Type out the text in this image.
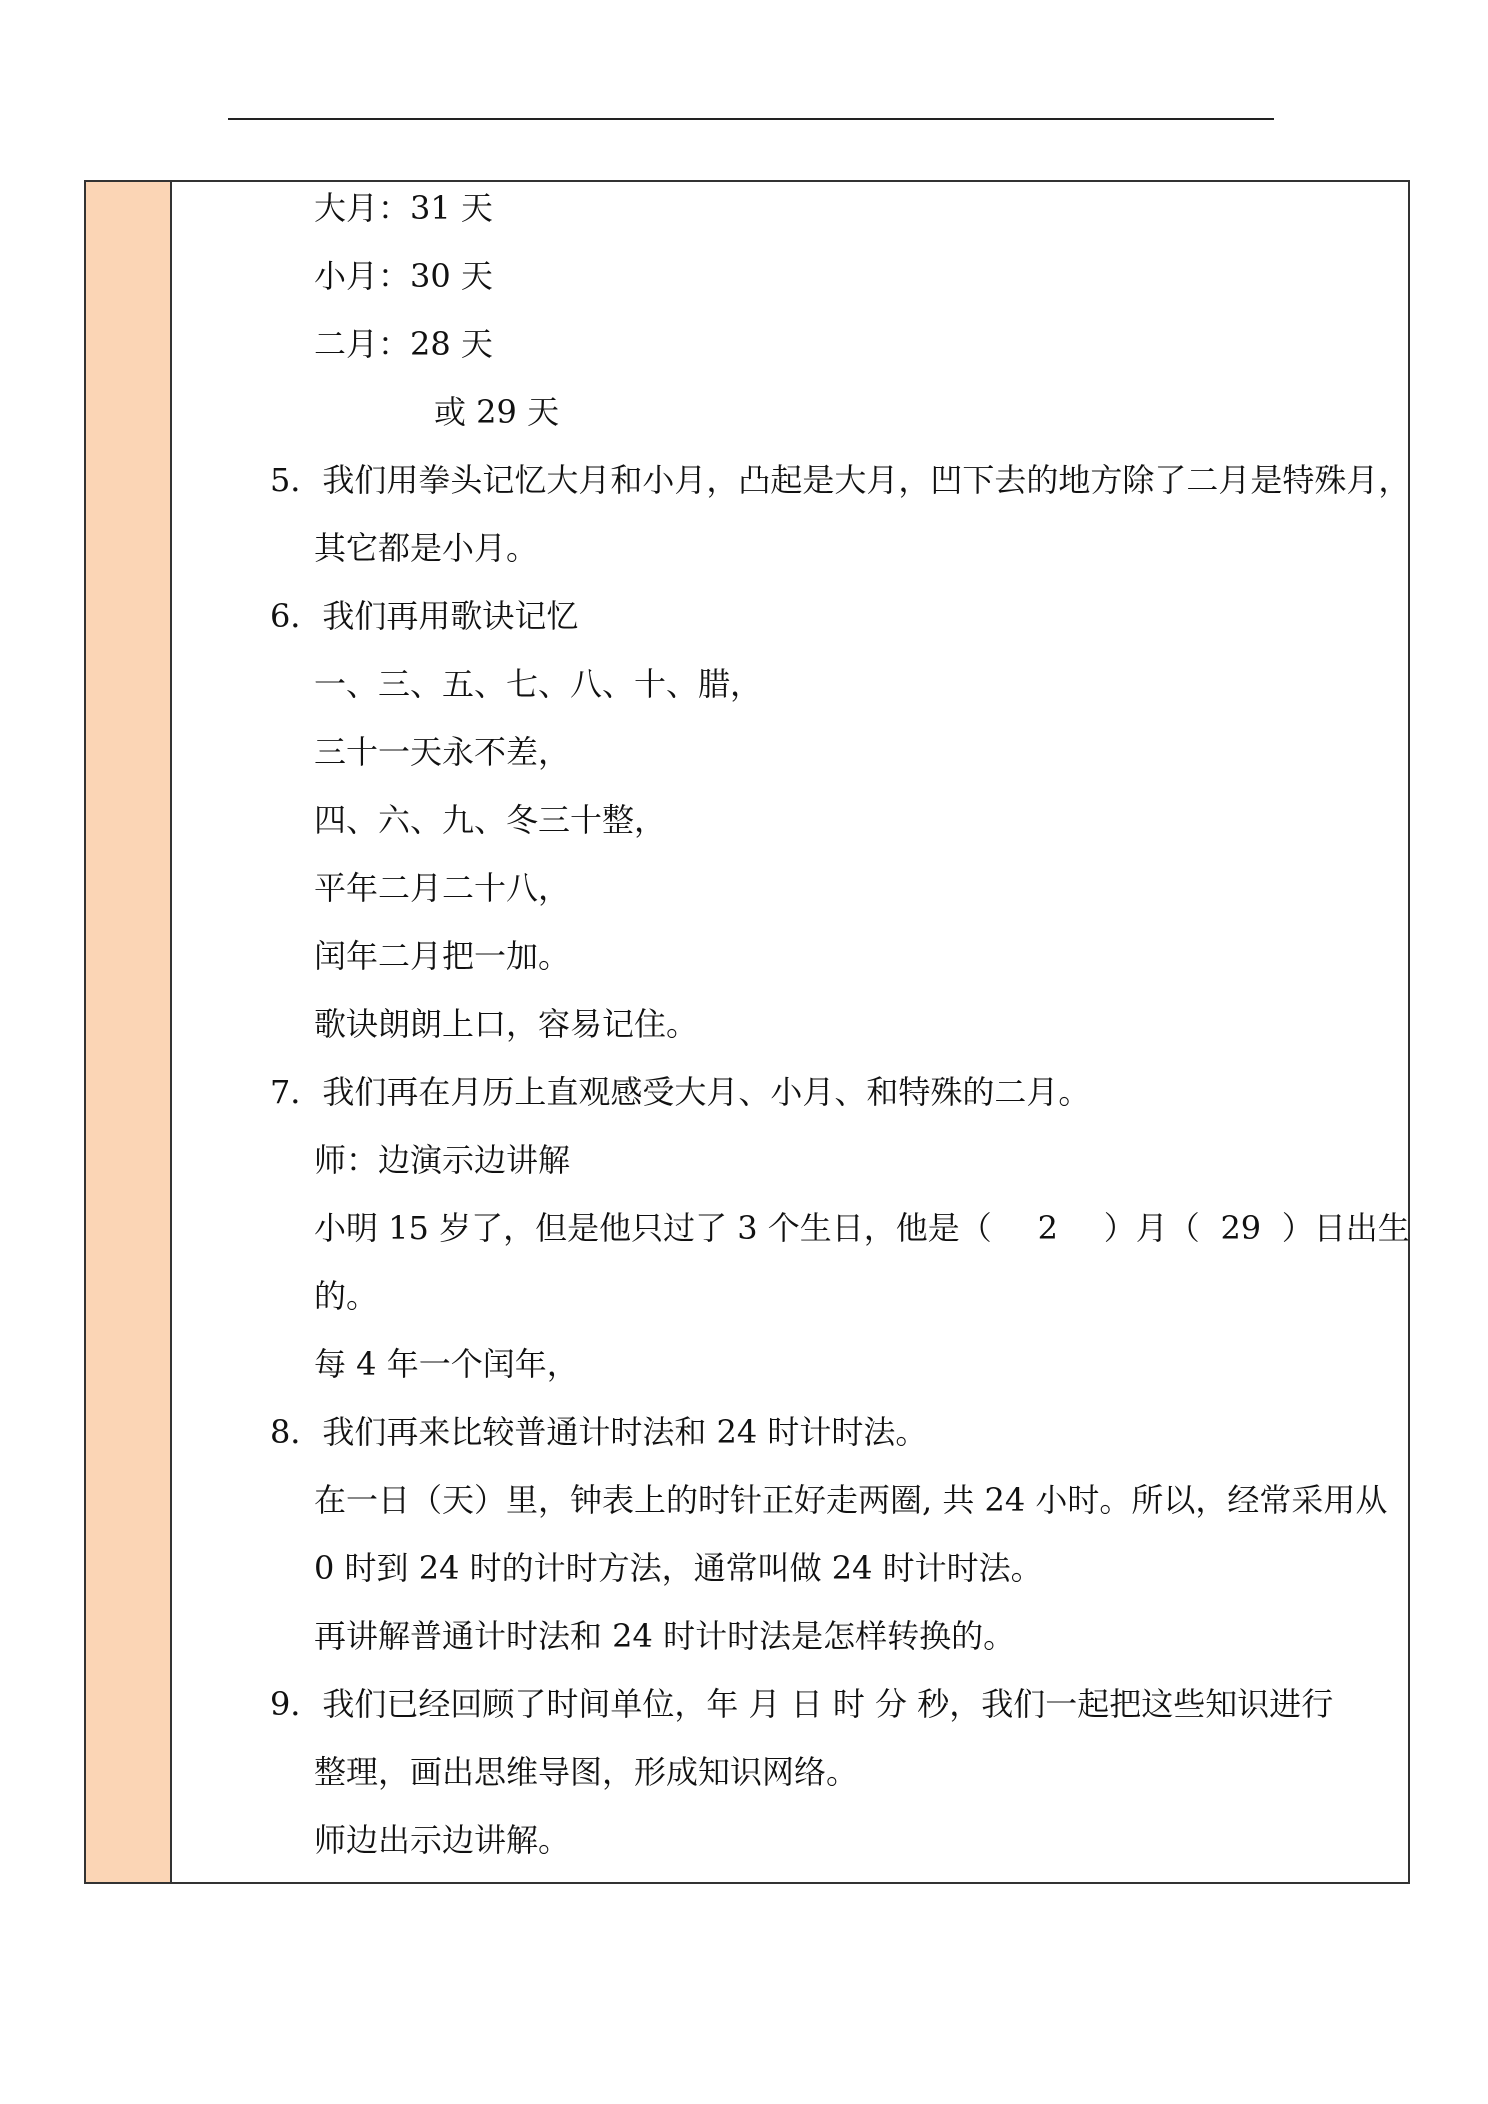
大月：31 天
小月：30 天
二月：28 天
或 29 天
5．我们用拳头记忆大月和小月，凸起是大月，凹下去的地方除了二月是特殊月，
其它都是小月。
6．我们再用歌诀记忆
一、三、五、七、八、十、腊，
三十一天永不差，
四、六、九、冬三十整，
平年二月二十八，
闰年二月把一加。
歌诀朗朗上口，容易记住。
7．我们再在月历上直观感受大月、小月、和特殊的二月。
师：边演示边讲解
小明 15 岁了，但是他只过了 3 个生日，他是（ 2 ）月（ 29 ）日出生
的。
每 4 年一个闰年，
8．我们再来比较普通计时法和 24 时计时法。
在一日（天）里，钟表上的时针正好走两圈, 共 24 小时。所以，经常采用从
0 时到 24 时的计时方法，通常叫做 24 时计时法。
再讲解普通计时法和 24 时计时法是怎样转换的。
9．我们已经回顾了时间单位，年 月 日 时 分 秒，我们一起把这些知识进行
整理，画出思维导图，形成知识网络。
师边出示边讲解。
